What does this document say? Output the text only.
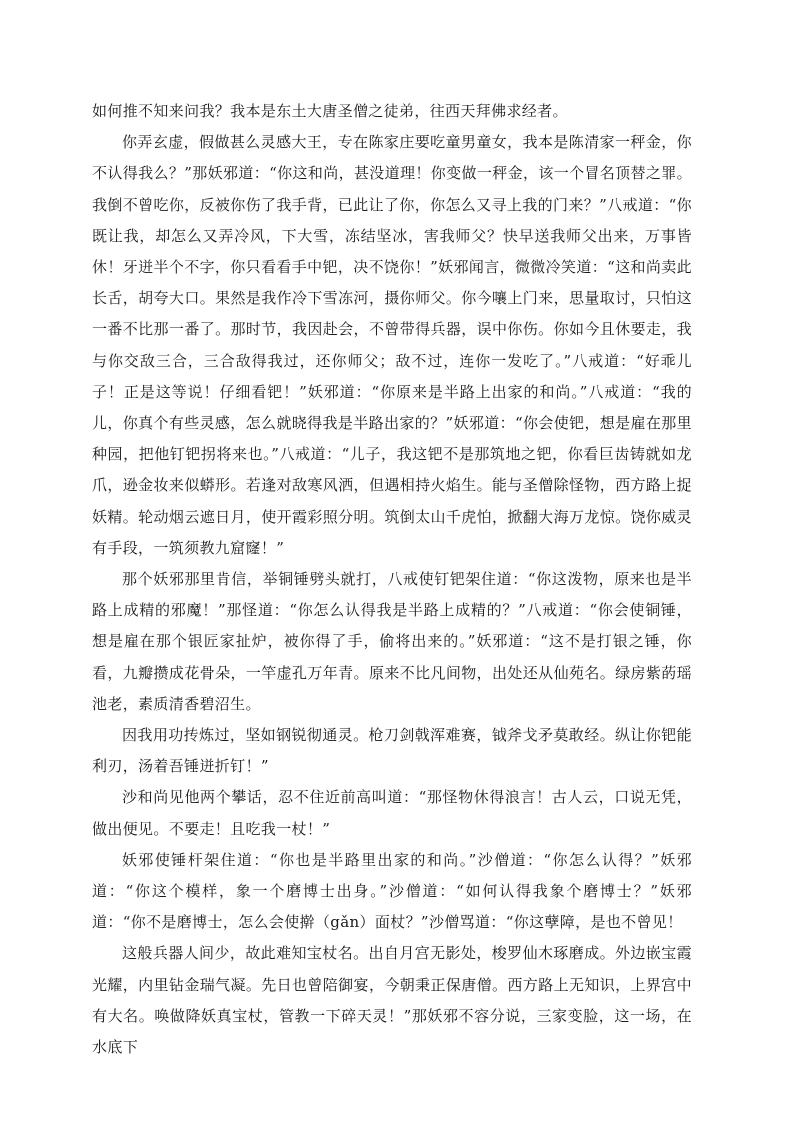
如何推不知来问我？我本是东土大唐圣僧之徒弟，往西天拜佛求经者。

你弄玄虚，假做甚么灵感大王，专在陈家庄要吃童男童女，我本是陈清家一秤金，你不认得我么？”那妖邪道：“你这和尚，甚没道理！你变做一秤金，该一个冒名顶替之罪。我倒不曾吃你，反被你伤了我手背，已此让了你，你怎么又寻上我的门来？”八戒道：“你既让我，却怎么又弄冷风，下大雪，冻结坚冰，害我师父？快早送我师父出来，万事皆休！牙迸半个不字，你只看看手中钯，决不饶你！”妖邪闻言，微微冷笑道：“这和尚卖此长舌，胡夸大口。果然是我作冷下雪冻河，摄你师父。你今嚷上门来，思量取讨，只怕这一番不比那一番了。那时节，我因赴会，不曾带得兵器，误中你伤。你如今且休要走，我与你交敌三合，三合敌得我过，还你师父；敌不过，连你一发吃了。”八戒道：“好乖儿子！正是这等说！仔细看钯！”妖邪道：“你原来是半路上出家的和尚。”八戒道：“我的儿，你真个有些灵感，怎么就晓得我是半路出家的？”妖邪道：“你会使钯，想是雇在那里种园，把他钉钯拐将来也。”八戒道：“儿子，我这钯不是那筑地之钯，你看巨齿铸就如龙爪，逊金妆来似蟒形。若逢对敌寒风洒，但遇相持火焰生。能与圣僧除怪物，西方路上捉妖精。轮动烟云遮日月，使开霞彩照分明。筑倒太山千虎怕，掀翻大海万龙惊。饶你威灵有手段，一筑须教九窟窿！”

那个妖邪那里肯信，举铜锤劈头就打，八戒使钉钯架住道：“你这泼物，原来也是半路上成精的邪魔！”那怪道：“你怎么认得我是半路上成精的？”八戒道：“你会使铜锤，想是雇在那个银匠家扯炉，被你得了手，偷将出来的。”妖邪道：“这不是打银之锤，你看，九瓣攒成花骨朵，一竿虚孔万年青。原来不比凡间物，出处还从仙苑名。绿房紫菂瑶池老，素质清香碧沼生。

因我用功抟炼过，坚如钢锐彻通灵。枪刀剑戟浑难赛，钺斧戈矛莫敢经。纵让你钯能利刃，汤着吾锤迸折钉！”

沙和尚见他两个攀话，忍不住近前高叫道：“那怪物休得浪言！古人云，口说无凭，做出便见。不要走！且吃我一杖！”

妖邪使锤杆架住道：“你也是半路里出家的和尚。”沙僧道：“你怎么认得？”妖邪道：“你这个模样，象一个磨博士出身。”沙僧道：“如何认得我象个磨博士？”妖邪道：“你不是磨博士，怎么会使擀（gǎn）面杖？”沙僧骂道：“你这孽障，是也不曾见！

这般兵器人间少，故此难知宝杖名。出自月宫无影处，梭罗仙木琢磨成。外边嵌宝霞光耀，内里钻金瑞气凝。先日也曾陪御宴，今朝秉正保唐僧。西方路上无知识，上界宫中有大名。唤做降妖真宝杖，管教一下碎天灵！”那妖邪不容分说，三家变脸，这一场，在水底下
